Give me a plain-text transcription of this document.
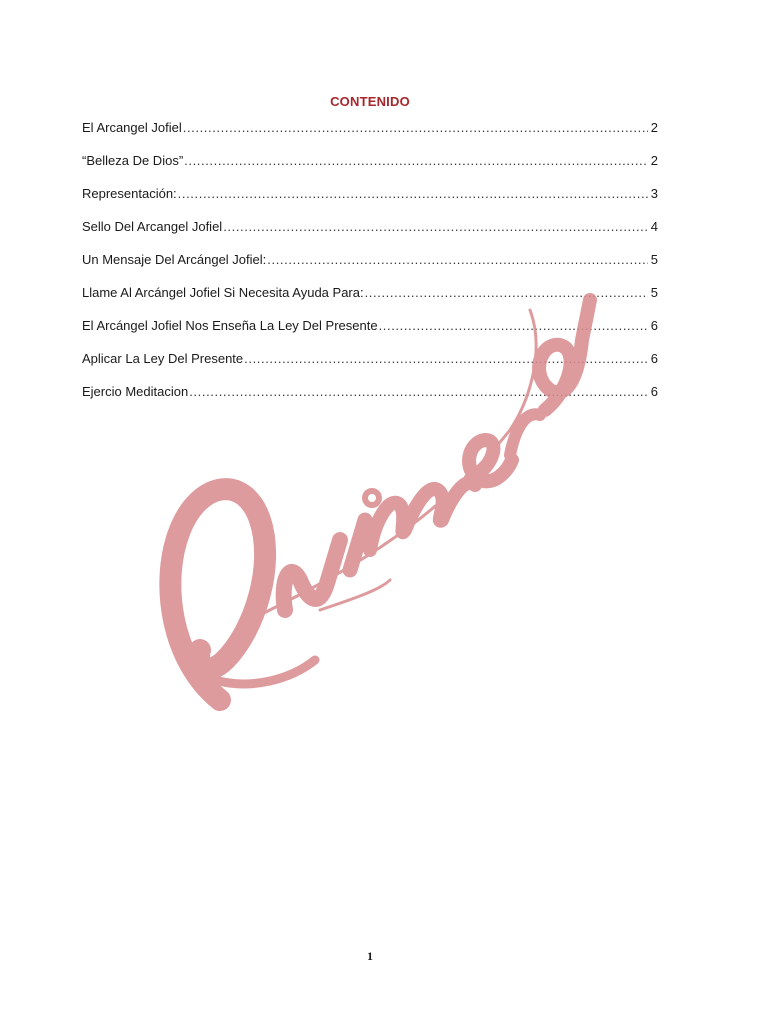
CONTENIDO
El Arcangel Jofiel .....	2
“Belleza De Dios” .....	2
Representación: .....	3
Sello Del Arcangel Jofiel .....	4
Un Mensaje Del Arcángel Jofiel: .....	5
Llame Al Arcángel Jofiel Si Necesita Ayuda Para: .....	5
El Arcángel Jofiel Nos Enseña La Ley Del Presente .....	6
Aplicar La Ley Del Presente .....	6
Ejercio Meditacion .....	6
Quimera
1
